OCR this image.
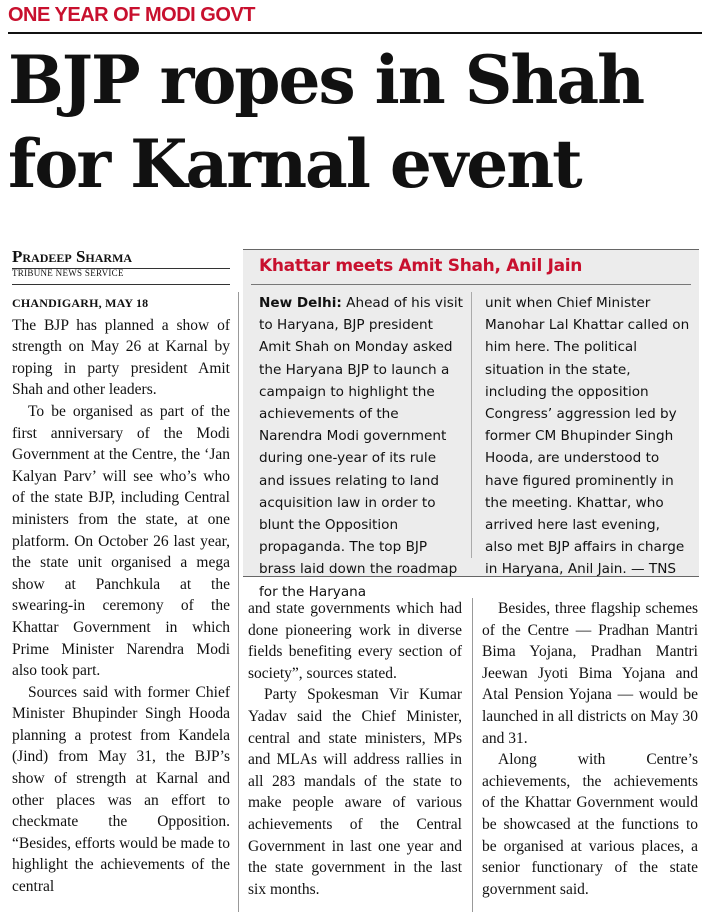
ONE YEAR OF MODI GOVT
BJP ropes in Shah for Karnal event
Pradeep Sharma
TRIBUNE NEWS SERVICE

CHANDIGARH, MAY 18
The BJP has planned a show of strength on May 26 at Karnal by roping in party president Amit Shah and other leaders.

To be organised as part of the first anniversary of the Modi Government at the Centre, the ‘Jan Kalyan Parv’ will see who’s who of the state BJP, including Central ministers from the state, at one platform. On October 26 last year, the state unit organised a mega show at Panchkula at the swearing-in ceremony of the Khattar Government in which Prime Minister Narendra Modi also took part.

Sources said with former Chief Minister Bhupinder Singh Hooda planning a protest from Kandela (Jind) from May 31, the BJP’s show of strength at Karnal and other places was an effort to checkmate the Opposition. “Besides, efforts would be made to highlight the achievements of the central

Khattar meets Amit Shah, Anil Jain

New Delhi: Ahead of his visit to Haryana, BJP president Amit Shah on Monday asked the Haryana BJP to launch a campaign to highlight the achievements of the Narendra Modi government during one-year of its rule and issues relating to land acquisition law in order to blunt the Opposition propaganda. The top BJP brass laid down the roadmap for the Haryana

unit when Chief Minister Manohar Lal Khattar called on him here. The political situation in the state, including the opposition Congress’ aggression led by former CM Bhupinder Singh Hooda, are understood to have figured prominently in the meeting. Khattar, who arrived here last evening, also met BJP affairs in charge in Haryana, Anil Jain. — TNS

and state governments which had done pioneering work in diverse fields benefiting every section of society”, sources stated.

Party Spokesman Vir Kumar Yadav said the Chief Minister, central and state ministers, MPs and MLAs will address rallies in all 283 mandals of the state to make people aware of various achievements of the Central Government in last one year and the state government in the last six months.

Besides, three flagship schemes of the Centre — Pradhan Mantri Bima Yojana, Pradhan Mantri Jeewan Jyoti Bima Yojana and Atal Pension Yojana — would be launched in all districts on May 30 and 31.

Along with Centre’s achievements, the achievements of the Khattar Government would be showcased at the functions to be organised at various places, a senior functionary of the state government said.
